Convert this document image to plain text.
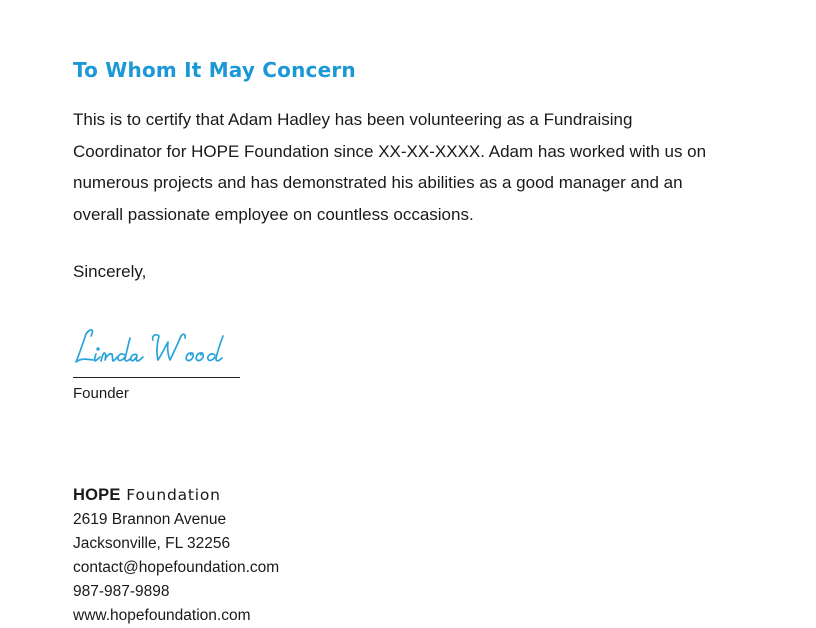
To Whom It May Concern

This is to certify that Adam Hadley has been volunteering as a Fundraising Coordinator for HOPE Foundation since XX-XX-XXXX. Adam has worked with us on numerous projects and has demonstrated his abilities as a good manager and an overall passionate employee on countless occasions.

Sincerely,

Founder

HOPE Foundation
2619 Brannon Avenue
Jacksonville, FL 32256
contact@hopefoundation.com
987-987-9898
www.hopefoundation.com
